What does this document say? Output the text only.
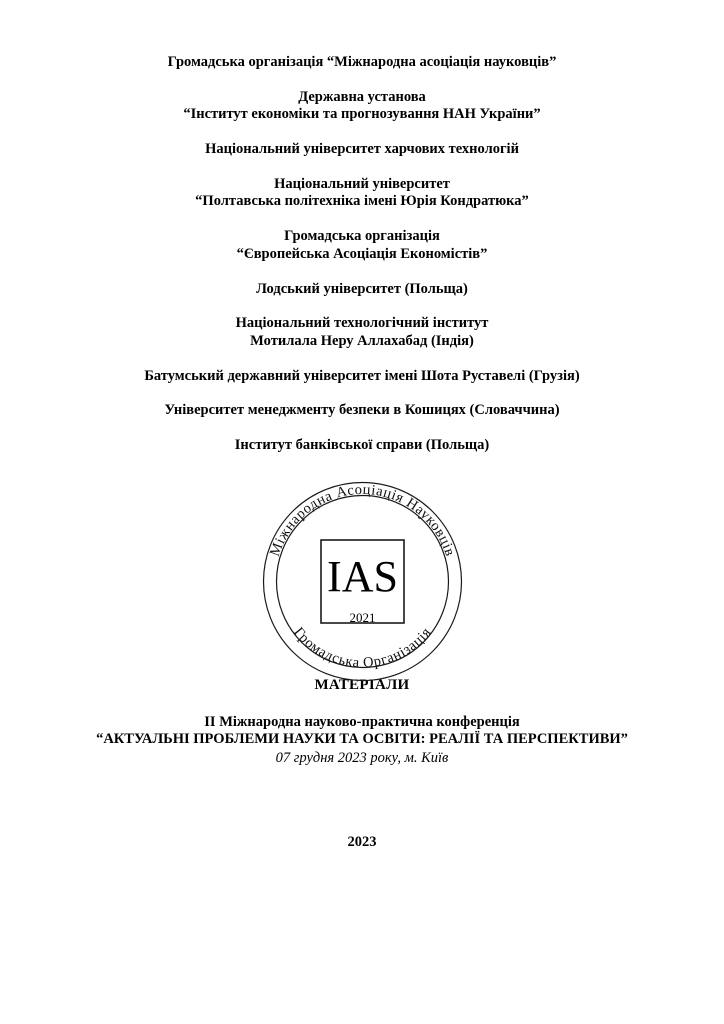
Громадська організація “Міжнародна асоціація науковців”
Державна установа
“Інститут економіки та прогнозування НАН України”
Національний університет харчових технологій
Національний університет
“Полтавська політехніка імені Юрія Кондратюка”
Громадська організація
“Європейська Асоціація Економістів”
Лодський університет (Польща)
Національний технологічний інститут
Мотилала Неру Аллахабад (Індія)
Батумський державний університет імені Шота Руставелі (Грузія)
Університет менеджменту безпеки в Кошицях (Словаччина)
Інститут банківської справи (Польща)
Міжнародна Асоціація Науковців
Громадська Організація
IAS
2021
МАТЕРІАЛИ
ІІ Міжнародна науково-практична конференція
“АКТУАЛЬНІ ПРОБЛЕМИ НАУКИ ТА ОСВІТИ: РЕАЛІЇ ТА ПЕРСПЕКТИВИ”
07 грудня 2023 року, м. Київ
2023
